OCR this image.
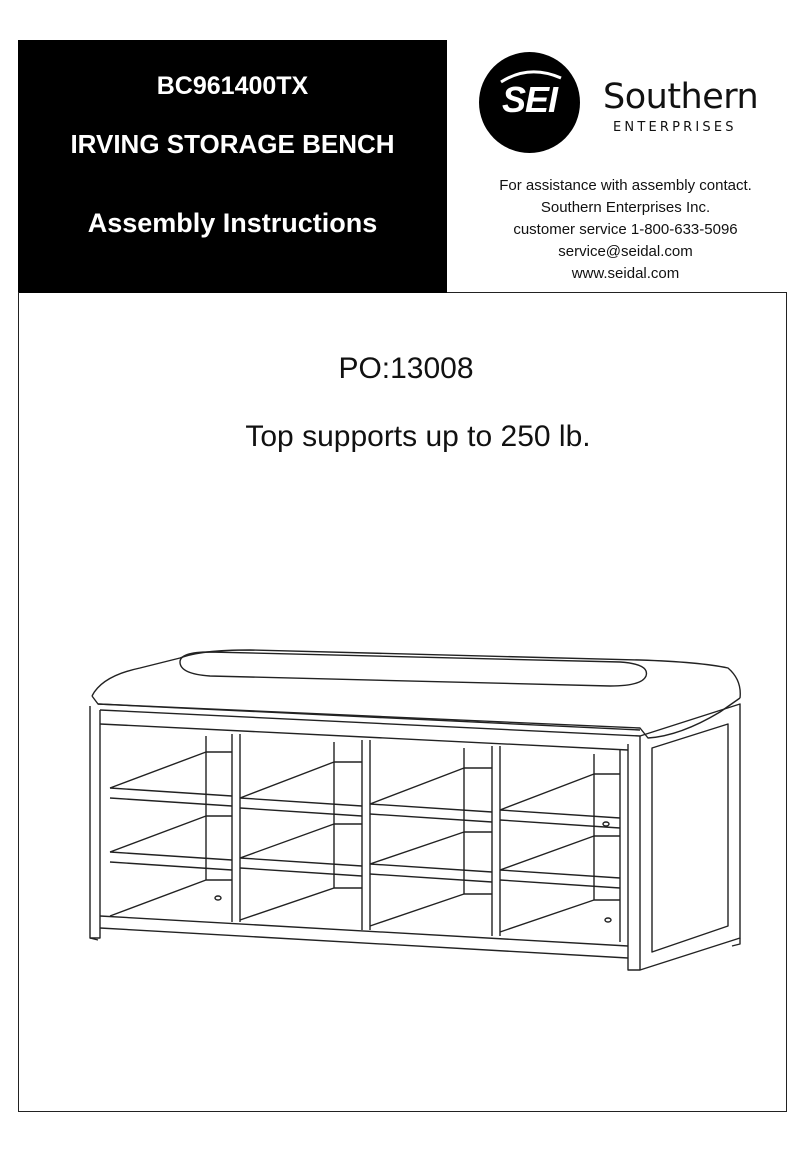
BC961400TX
IRVING STORAGE BENCH
Assembly Instructions
SEI	Southern
ENTERPRISES
For assistance with assembly contact.
Southern Enterprises Inc.
customer service 1-800-633-5096
service@seidal.com
www.seidal.com
PO:13008
Top supports up to 250 lb.
